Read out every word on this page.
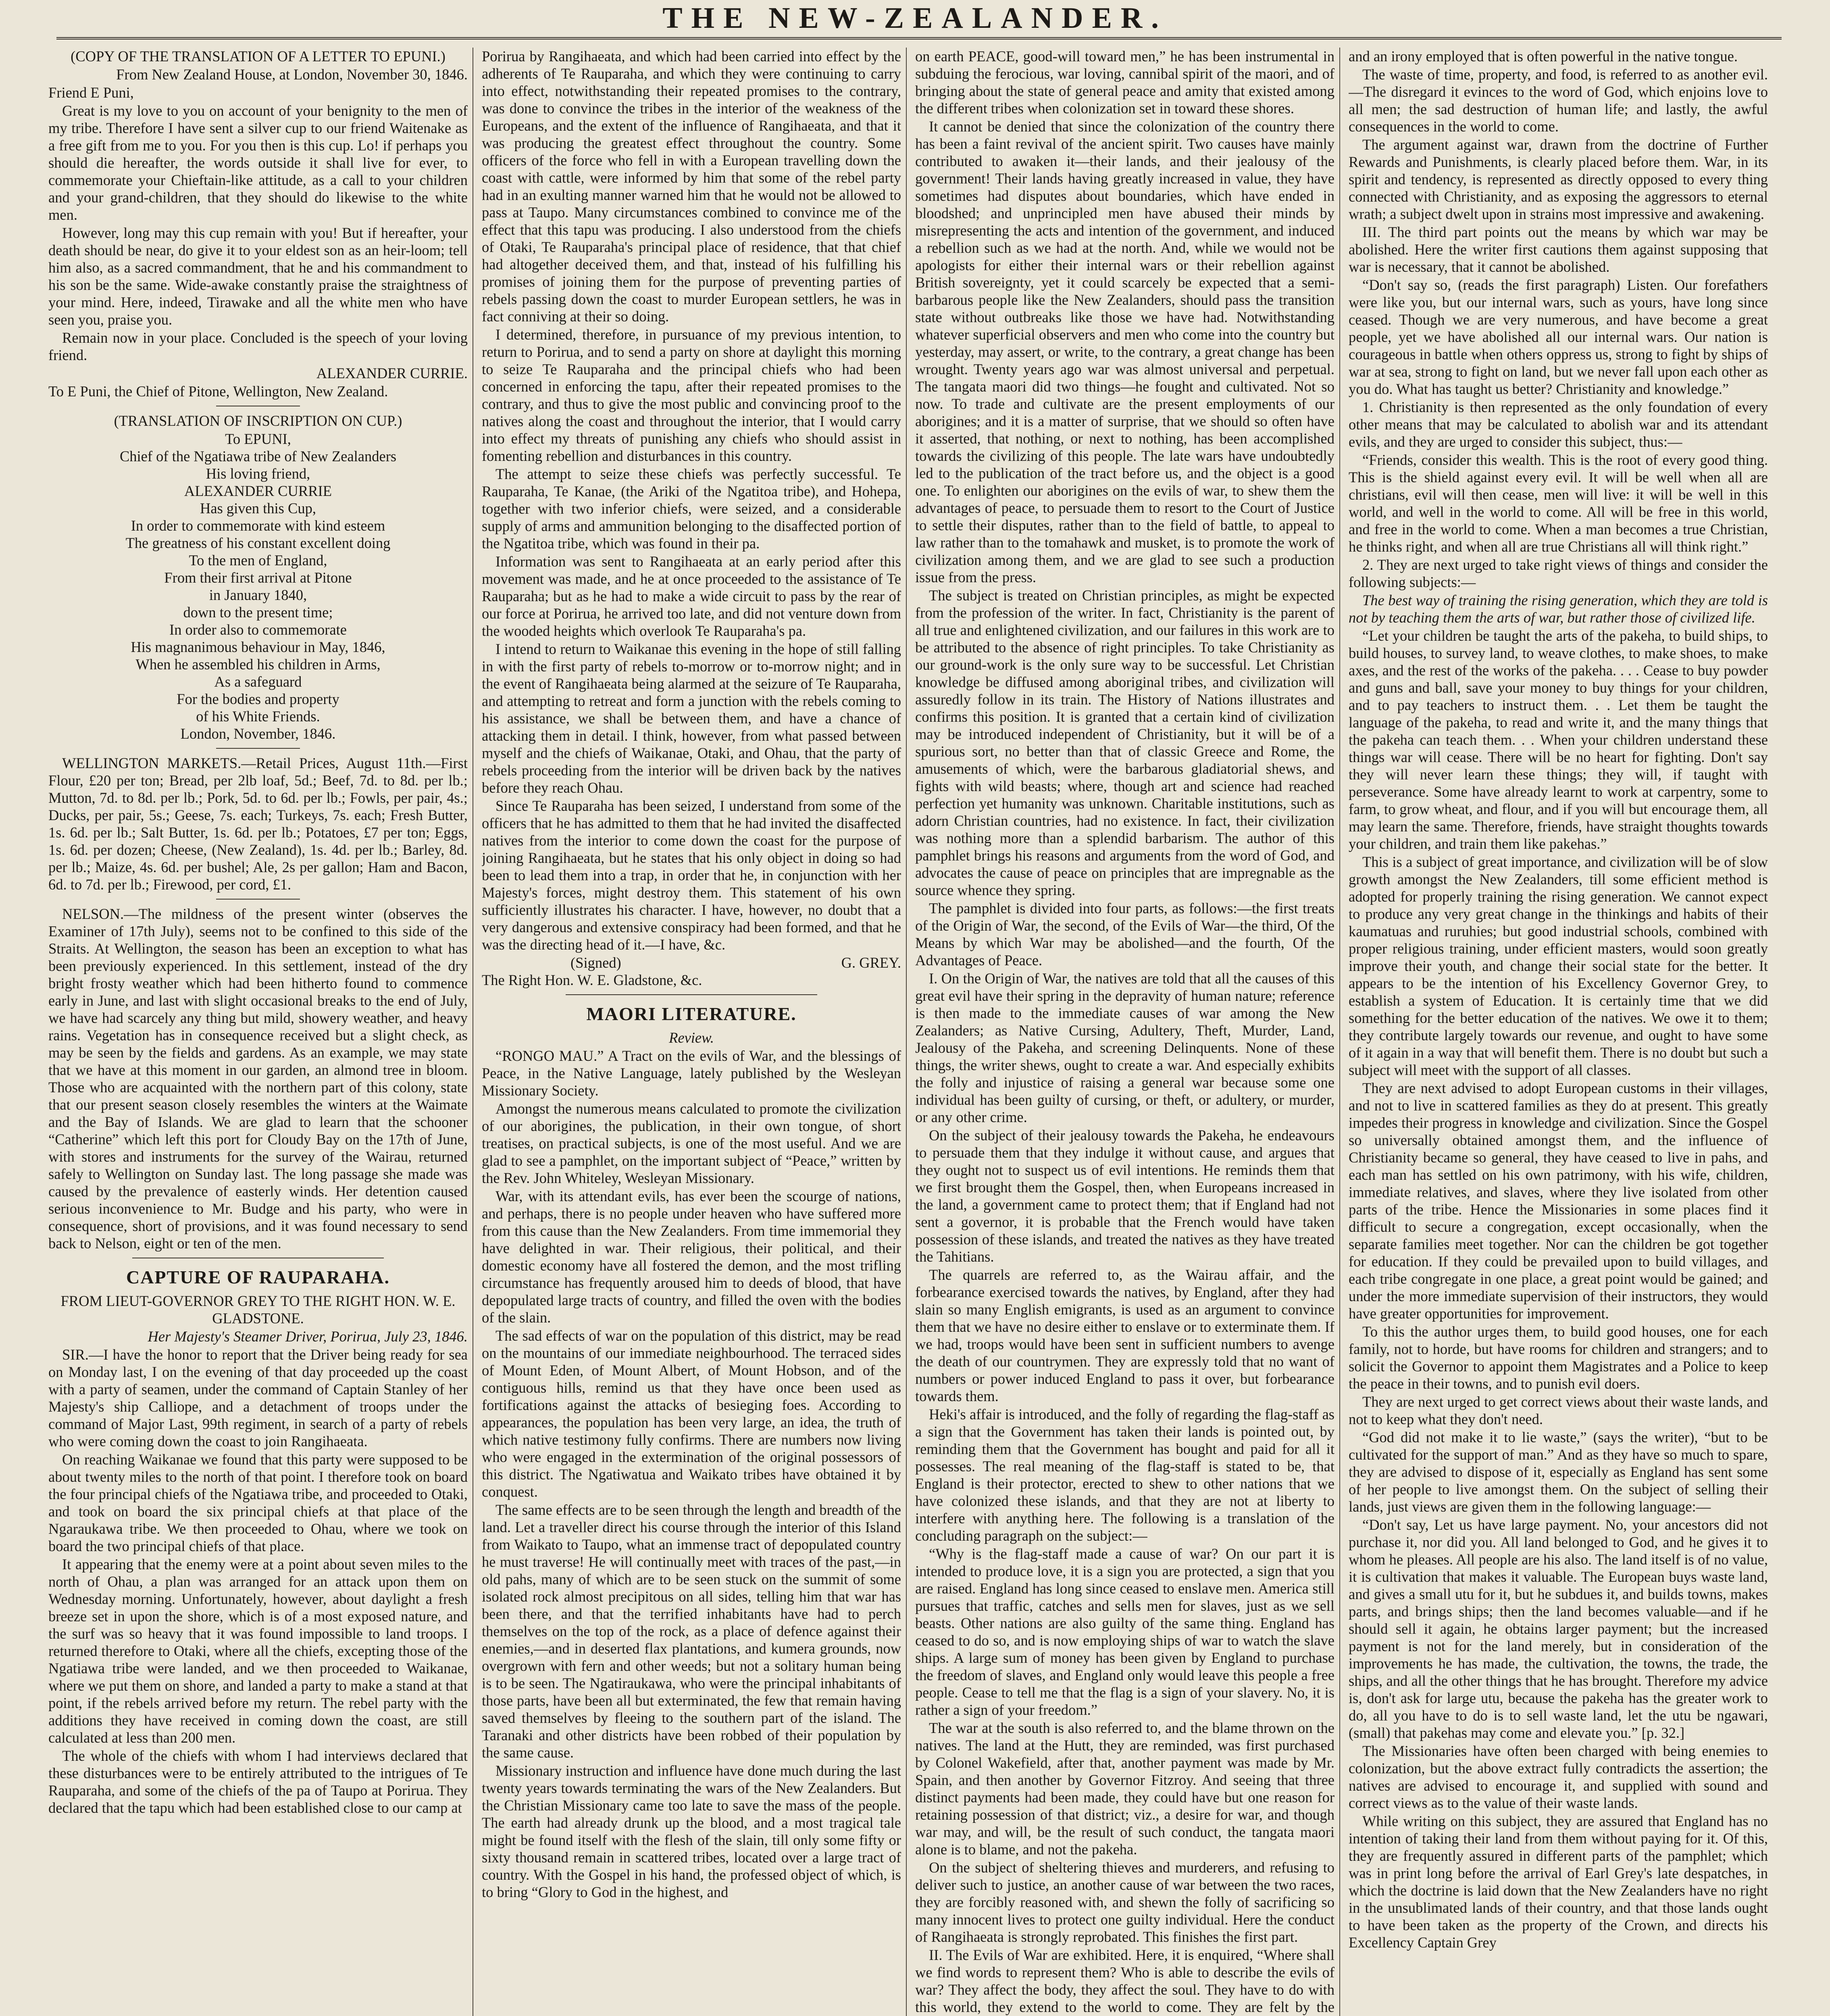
THE NEW-ZEALANDER.

(COPY OF THE TRANSLATION OF A LETTER TO EPUNI.)

From New Zealand House, at London, November 30, 1846.

Friend E Puni,

Great is my love to you on account of your benignity to the men of my tribe. Therefore I have sent a silver cup to our friend Waitenake as a free gift from me to you. For you then is this cup. Lo! if perhaps you should die hereafter, the words outside it shall live for ever, to commemorate your Chieftain-like attitude, as a call to your children and your grand-children, that they should do likewise to the white men.

However, long may this cup remain with you! But if hereafter, your death should be near, do give it to your eldest son as an heir-loom; tell him also, as a sacred commandment, that he and his commandment to his son be the same. Wide-awake constantly praise the straightness of your mind. Here, indeed, Tirawake and all the white men who have seen you, praise you.

Remain now in your place. Concluded is the speech of your loving friend.

ALEXANDER CURRIE.

To E Puni, the Chief of Pitone, Wellington, New Zealand.

(TRANSLATION OF INSCRIPTION ON CUP.)

To EPUNI,
Chief of the Ngatiawa tribe of New Zealanders
His loving friend,
ALEXANDER CURRIE
Has given this Cup,
In order to commemorate with kind esteem
The greatness of his constant excellent doing
To the men of England,
From their first arrival at Pitone
in January 1840,
down to the present time;
In order also to commemorate
His magnanimous behaviour in May, 1846,
When he assembled his children in Arms,
As a safeguard
For the bodies and property
of his White Friends.
London, November, 1846.

WELLINGTON MARKETS.—Retail Prices, August 11th.—First Flour, £20 per ton; Bread, per 2lb loaf, 5d.; Beef, 7d. to 8d. per lb.; Mutton, 7d. to 8d. per lb.; Pork, 5d. to 6d. per lb.; Fowls, per pair, 4s.; Ducks, per pair, 5s.; Geese, 7s. each; Turkeys, 7s. each; Fresh Butter, 1s. 6d. per lb.; Salt Butter, 1s. 6d. per lb.; Potatoes, £7 per ton; Eggs, 1s. 6d. per dozen; Cheese, (New Zealand), 1s. 4d. per lb.; Barley, 8d. per lb.; Maize, 4s. 6d. per bushel; Ale, 2s per gallon; Ham and Bacon, 6d. to 7d. per lb.; Firewood, per cord, £1.

NELSON.—The mildness of the present winter (observes the Examiner of 17th July), seems not to be confined to this side of the Straits. At Wellington, the season has been an exception to what has been previously experienced. In this settlement, instead of the dry bright frosty weather which had been hitherto found to commence early in June, and last with slight occasional breaks to the end of July, we have had scarcely any thing but mild, showery weather, and heavy rains. Vegetation has in consequence received but a slight check, as may be seen by the fields and gardens. As an example, we may state that we have at this moment in our garden, an almond tree in bloom. Those who are acquainted with the northern part of this colony, state that our present season closely resembles the winters at the Waimate and the Bay of Islands. We are glad to learn that the schooner “Catherine” which left this port for Cloudy Bay on the 17th of June, with stores and instruments for the survey of the Wairau, returned safely to Wellington on Sunday last. The long passage she made was caused by the prevalence of easterly winds. Her detention caused serious inconvenience to Mr. Budge and his party, who were in consequence, short of provisions, and it was found necessary to send back to Nelson, eight or ten of the men.

CAPTURE OF RAUPARAHA.

FROM LIEUT-GOVERNOR GREY TO THE RIGHT HON. W. E. GLADSTONE.

Her Majesty's Steamer Driver, Porirua, July 23, 1846.

SIR.—I have the honor to report that the Driver being ready for sea on Monday last, I on the evening of that day proceeded up the coast with a party of seamen, under the command of Captain Stanley of her Majesty's ship Calliope, and a detachment of troops under the command of Major Last, 99th regiment, in search of a party of rebels who were coming down the coast to join Rangihaeata.

On reaching Waikanae we found that this party were supposed to be about twenty miles to the north of that point. I therefore took on board the four principal chiefs of the Ngatiawa tribe, and proceeded to Otaki, and took on board the six principal chiefs at that place of the Ngaraukawa tribe. We then proceeded to Ohau, where we took on board the two principal chiefs of that place.

It appearing that the enemy were at a point about seven miles to the north of Ohau, a plan was arranged for an attack upon them on Wednesday morning. Unfortunately, however, about daylight a fresh breeze set in upon the shore, which is of a most exposed nature, and the surf was so heavy that it was found impossible to land troops. I returned therefore to Otaki, where all the chiefs, excepting those of the Ngatiawa tribe were landed, and we then proceeded to Waikanae, where we put them on shore, and landed a party to make a stand at that point, if the rebels arrived before my return. The rebel party with the additions they have received in coming down the coast, are still calculated at less than 200 men.

The whole of the chiefs with whom I had interviews declared that these disturbances were to be entirely attributed to the intrigues of Te Rauparaha, and some of the chiefs of the pa of Taupo at Porirua. They declared that the tapu which had been established close to our camp at

Porirua by Rangihaeata, and which had been carried into effect by the adherents of Te Rauparaha, and which they were continuing to carry into effect, notwithstanding their repeated promises to the contrary, was done to convince the tribes in the interior of the weakness of the Europeans, and the extent of the influence of Rangihaeata, and that it was producing the greatest effect throughout the country. Some officers of the force who fell in with a European travelling down the coast with cattle, were informed by him that some of the rebel party had in an exulting manner warned him that he would not be allowed to pass at Taupo. Many circumstances combined to convince me of the effect that this tapu was producing. I also understood from the chiefs of Otaki, Te Rauparaha's principal place of residence, that that chief had altogether deceived them, and that, instead of his fulfilling his promises of joining them for the purpose of preventing parties of rebels passing down the coast to murder European settlers, he was in fact conniving at their so doing.

I determined, therefore, in pursuance of my previous intention, to return to Porirua, and to send a party on shore at daylight this morning to seize Te Rauparaha and the principal chiefs who had been concerned in enforcing the tapu, after their repeated promises to the contrary, and thus to give the most public and convincing proof to the natives along the coast and throughout the interior, that I would carry into effect my threats of punishing any chiefs who should assist in fomenting rebellion and disturbances in this country.

The attempt to seize these chiefs was perfectly successful. Te Rauparaha, Te Kanae, (the Ariki of the Ngatitoa tribe), and Hohepa, together with two inferior chiefs, were seized, and a considerable supply of arms and ammunition belonging to the disaffected portion of the Ngatitoa tribe, which was found in their pa.

Information was sent to Rangihaeata at an early period after this movement was made, and he at once proceeded to the assistance of Te Rauparaha; but as he had to make a wide circuit to pass by the rear of our force at Porirua, he arrived too late, and did not venture down from the wooded heights which overlook Te Rauparaha's pa.

I intend to return to Waikanae this evening in the hope of still falling in with the first party of rebels to-morrow or to-morrow night; and in the event of Rangihaeata being alarmed at the seizure of Te Rauparaha, and attempting to retreat and form a junction with the rebels coming to his assistance, we shall be between them, and have a chance of attacking them in detail. I think, however, from what passed between myself and the chiefs of Waikanae, Otaki, and Ohau, that the party of rebels proceeding from the interior will be driven back by the natives before they reach Ohau.

Since Te Rauparaha has been seized, I understand from some of the officers that he has admitted to them that he had invited the disaffected natives from the interior to come down the coast for the purpose of joining Rangihaeata, but he states that his only object in doing so had been to lead them into a trap, in order that he, in conjunction with her Majesty's forces, might destroy them. This statement of his own sufficiently illustrates his character. I have, however, no doubt that a very dangerous and extensive conspiracy had been formed, and that he was the directing head of it.—I have, &c.

(Signed)	G. GREY.

The Right Hon. W. E. Gladstone, &c.

MAORI LITERATURE.

Review.

“RONGO MAU.” A Tract on the evils of War, and the blessings of Peace, in the Native Language, lately published by the Wesleyan Missionary Society.

Amongst the numerous means calculated to promote the civilization of our aborigines, the publication, in their own tongue, of short treatises, on practical subjects, is one of the most useful. And we are glad to see a pamphlet, on the important subject of “Peace,” written by the Rev. John Whiteley, Wesleyan Missionary.

War, with its attendant evils, has ever been the scourge of nations, and perhaps, there is no people under heaven who have suffered more from this cause than the New Zealanders. From time immemorial they have delighted in war. Their religious, their political, and their domestic economy have all fostered the demon, and the most trifling circumstance has frequently aroused him to deeds of blood, that have depopulated large tracts of country, and filled the oven with the bodies of the slain.

The sad effects of war on the population of this district, may be read on the mountains of our immediate neighbourhood. The terraced sides of Mount Eden, of Mount Albert, of Mount Hobson, and of the contiguous hills, remind us that they have once been used as fortifications against the attacks of besieging foes. According to appearances, the population has been very large, an idea, the truth of which native testimony fully confirms. There are numbers now living who were engaged in the extermination of the original possessors of this district. The Ngatiwatua and Waikato tribes have obtained it by conquest.

The same effects are to be seen through the length and breadth of the land. Let a traveller direct his course through the interior of this Island from Waikato to Taupo, what an immense tract of depopulated country he must traverse! He will continually meet with traces of the past,—in old pahs, many of which are to be seen stuck on the summit of some isolated rock almost precipitous on all sides, telling him that war has been there, and that the terrified inhabitants have had to perch themselves on the top of the rock, as a place of defence against their enemies,—and in deserted flax plantations, and kumera grounds, now overgrown with fern and other weeds; but not a solitary human being is to be seen. The Ngatiraukawa, who were the principal inhabitants of those parts, have been all but exterminated, the few that remain having saved themselves by fleeing to the southern part of the island. The Taranaki and other districts have been robbed of their population by the same cause.

Missionary instruction and influence have done much during the last twenty years towards terminating the wars of the New Zealanders. But the Christian Missionary came too late to save the mass of the people. The earth had already drunk up the blood, and a most tragical tale might be found itself with the flesh of the slain, till only some fifty or sixty thousand remain in scattered tribes, located over a large tract of country. With the Gospel in his hand, the professed object of which, is to bring “Glory to God in the highest, and

on earth PEACE, good-will toward men,” he has been instrumental in subduing the ferocious, war loving, cannibal spirit of the maori, and of bringing about the state of general peace and amity that existed among the different tribes when colonization set in toward these shores.

It cannot be denied that since the colonization of the country there has been a faint revival of the ancient spirit. Two causes have mainly contributed to awaken it—their lands, and their jealousy of the government! Their lands having greatly increased in value, they have sometimes had disputes about boundaries, which have ended in bloodshed; and unprincipled men have abused their minds by misrepresenting the acts and intention of the government, and induced a rebellion such as we had at the north. And, while we would not be apologists for either their internal wars or their rebellion against British sovereignty, yet it could scarcely be expected that a semi-barbarous people like the New Zealanders, should pass the transition state without outbreaks like those we have had. Notwithstanding whatever superficial observers and men who come into the country but yesterday, may assert, or write, to the contrary, a great change has been wrought. Twenty years ago war was almost universal and perpetual. The tangata maori did two things—he fought and cultivated. Not so now. To trade and cultivate are the present employments of our aborigines; and it is a matter of surprise, that we should so often have it asserted, that nothing, or next to nothing, has been accomplished towards the civilizing of this people. The late wars have undoubtedly led to the publication of the tract before us, and the object is a good one. To enlighten our aborigines on the evils of war, to shew them the advantages of peace, to persuade them to resort to the Court of Justice to settle their disputes, rather than to the field of battle, to appeal to law rather than to the tomahawk and musket, is to promote the work of civilization among them, and we are glad to see such a production issue from the press.

The subject is treated on Christian principles, as might be expected from the profession of the writer. In fact, Christianity is the parent of all true and enlightened civilization, and our failures in this work are to be attributed to the absence of right principles. To take Christianity as our ground-work is the only sure way to be successful. Let Christian knowledge be diffused among aboriginal tribes, and civilization will assuredly follow in its train. The History of Nations illustrates and confirms this position. It is granted that a certain kind of civilization may be introduced independent of Christianity, but it will be of a spurious sort, no better than that of classic Greece and Rome, the amusements of which, were the barbarous gladiatorial shews, and fights with wild beasts; where, though art and science had reached perfection yet humanity was unknown. Charitable institutions, such as adorn Christian countries, had no existence. In fact, their civilization was nothing more than a splendid barbarism. The author of this pamphlet brings his reasons and arguments from the word of God, and advocates the cause of peace on principles that are impregnable as the source whence they spring.

The pamphlet is divided into four parts, as follows:—the first treats of the Origin of War, the second, of the Evils of War—the third, Of the Means by which War may be abolished—and the fourth, Of the Advantages of Peace.

I. On the Origin of War, the natives are told that all the causes of this great evil have their spring in the depravity of human nature; reference is then made to the immediate causes of war among the New Zealanders; as Native Cursing, Adultery, Theft, Murder, Land, Jealousy of the Pakeha, and screening Delinquents. None of these things, the writer shews, ought to create a war. And especially exhibits the folly and injustice of raising a general war because some one individual has been guilty of cursing, or theft, or adultery, or murder, or any other crime.

On the subject of their jealousy towards the Pakeha, he endeavours to persuade them that they indulge it without cause, and argues that they ought not to suspect us of evil intentions. He reminds them that we first brought them the Gospel, then, when Europeans increased in the land, a government came to protect them; that if England had not sent a governor, it is probable that the French would have taken possession of these islands, and treated the natives as they have treated the Tahitians.

The quarrels are referred to, as the Wairau affair, and the forbearance exercised towards the natives, by England, after they had slain so many English emigrants, is used as an argument to convince them that we have no desire either to enslave or to exterminate them. If we had, troops would have been sent in sufficient numbers to avenge the death of our countrymen. They are expressly told that no want of numbers or power induced England to pass it over, but forbearance towards them.

Heki's affair is introduced, and the folly of regarding the flag-staff as a sign that the Government has taken their lands is pointed out, by reminding them that the Government has bought and paid for all it possesses. The real meaning of the flag-staff is stated to be, that England is their protector, erected to shew to other nations that we have colonized these islands, and that they are not at liberty to interfere with anything here. The following is a translation of the concluding paragraph on the subject:—

“Why is the flag-staff made a cause of war? On our part it is intended to produce love, it is a sign you are protected, a sign that you are raised. England has long since ceased to enslave men. America still pursues that traffic, catches and sells men for slaves, just as we sell beasts. Other nations are also guilty of the same thing. England has ceased to do so, and is now employing ships of war to watch the slave ships. A large sum of money has been given by England to purchase the freedom of slaves, and England only would leave this people a free people. Cease to tell me that the flag is a sign of your slavery. No, it is rather a sign of your freedom.”

The war at the south is also referred to, and the blame thrown on the natives. The land at the Hutt, they are reminded, was first purchased by Colonel Wakefield, after that, another payment was made by Mr. Spain, and then another by Governor Fitzroy. And seeing that three distinct payments had been made, they could have but one reason for retaining possession of that district; viz., a desire for war, and though war may, and will, be the result of such conduct, the tangata maori alone is to blame, and not the pakeha.

On the subject of sheltering thieves and murderers, and refusing to deliver such to justice, an another cause of war between the two races, they are forcibly reasoned with, and shewn the folly of sacrificing so many innocent lives to protect one guilty individual. Here the conduct of Rangihaeata is strongly reprobated. This finishes the first part.

II. The Evils of War are exhibited. Here, it is enquired, “Where shall we find words to represent them? Who is able to describe the evils of war? They affect the body, they affect the soul. They have to do with this world, they extend to the world to come. They are felt by the

and an irony employed that is often powerful in the native tongue.

The waste of time, property, and food, is referred to as another evil.—The disregard it evinces to the word of God, which enjoins love to all men; the sad destruction of human life; and lastly, the awful consequences in the world to come.

The argument against war, drawn from the doctrine of Further Rewards and Punishments, is clearly placed before them. War, in its spirit and tendency, is represented as directly opposed to every thing connected with Christianity, and as exposing the aggressors to eternal wrath; a subject dwelt upon in strains most impressive and awakening.

III. The third part points out the means by which war may be abolished. Here the writer first cautions them against supposing that war is necessary, that it cannot be abolished.

“Don't say so, (reads the first paragraph) Listen. Our forefathers were like you, but our internal wars, such as yours, have long since ceased. Though we are very numerous, and have become a great people, yet we have abolished all our internal wars. Our nation is courageous in battle when others oppress us, strong to fight by ships of war at sea, strong to fight on land, but we never fall upon each other as you do. What has taught us better? Christianity and knowledge.”

1. Christianity is then represented as the only foundation of every other means that may be calculated to abolish war and its attendant evils, and they are urged to consider this subject, thus:—

“Friends, consider this wealth. This is the root of every good thing. This is the shield against every evil. It will be well when all are christians, evil will then cease, men will live: it will be well in this world, and well in the world to come. All will be free in this world, and free in the world to come. When a man becomes a true Christian, he thinks right, and when all are true Christians all will think right.”

2. They are next urged to take right views of things and consider the following subjects:—

The best way of training the rising generation, which they are told is not by teaching them the arts of war, but rather those of civilized life.

“Let your children be taught the arts of the pakeha, to build ships, to build houses, to survey land, to weave clothes, to make shoes, to make axes, and the rest of the works of the pakeha. . . . Cease to buy powder and guns and ball, save your money to buy things for your children, and to pay teachers to instruct them. . . Let them be taught the language of the pakeha, to read and write it, and the many things that the pakeha can teach them. . . When your children understand these things war will cease. There will be no heart for fighting. Don't say they will never learn these things; they will, if taught with perseverance. Some have already learnt to work at carpentry, some to farm, to grow wheat, and flour, and if you will but encourage them, all may learn the same. Therefore, friends, have straight thoughts towards your children, and train them like pakehas.”

This is a subject of great importance, and civilization will be of slow growth amongst the New Zealanders, till some efficient method is adopted for properly training the rising generation. We cannot expect to produce any very great change in the thinkings and habits of their kaumatuas and ruruhies; but good industrial schools, combined with proper religious training, under efficient masters, would soon greatly improve their youth, and change their social state for the better. It appears to be the intention of his Excellency Governor Grey, to establish a system of Education. It is certainly time that we did something for the better education of the natives. We owe it to them; they contribute largely towards our revenue, and ought to have some of it again in a way that will benefit them. There is no doubt but such a subject will meet with the support of all classes.

They are next advised to adopt European customs in their villages, and not to live in scattered families as they do at present. This greatly impedes their progress in knowledge and civilization. Since the Gospel so universally obtained amongst them, and the influence of Christianity became so general, they have ceased to live in pahs, and each man has settled on his own patrimony, with his wife, children, immediate relatives, and slaves, where they live isolated from other parts of the tribe. Hence the Missionaries in some places find it difficult to secure a congregation, except occasionally, when the separate families meet together. Nor can the children be got together for education. If they could be prevailed upon to build villages, and each tribe congregate in one place, a great point would be gained; and under the more immediate supervision of their instructors, they would have greater opportunities for improvement.

To this the author urges them, to build good houses, one for each family, not to horde, but have rooms for children and strangers; and to solicit the Governor to appoint them Magistrates and a Police to keep the peace in their towns, and to punish evil doers.

They are next urged to get correct views about their waste lands, and not to keep what they don't need.

“God did not make it to lie waste,” (says the writer), “but to be cultivated for the support of man.” And as they have so much to spare, they are advised to dispose of it, especially as England has sent some of her people to live amongst them. On the subject of selling their lands, just views are given them in the following language:—

“Don't say, Let us have large payment. No, your ancestors did not purchase it, nor did you. All land belonged to God, and he gives it to whom he pleases. All people are his also. The land itself is of no value, it is cultivation that makes it valuable. The European buys waste land, and gives a small utu for it, but he subdues it, and builds towns, makes parts, and brings ships; then the land becomes valuable—and if he should sell it again, he obtains larger payment; but the increased payment is not for the land merely, but in consideration of the improvements he has made, the cultivation, the towns, the trade, the ships, and all the other things that he has brought. Therefore my advice is, don't ask for large utu, because the pakeha has the greater work to do, all you have to do is to sell waste land, let the utu be ngawari, (small) that pakehas may come and elevate you.” [p. 32.]

The Missionaries have often been charged with being enemies to colonization, but the above extract fully contradicts the assertion; the natives are advised to encourage it, and supplied with sound and correct views as to the value of their waste lands.

While writing on this subject, they are assured that England has no intention of taking their land from them without paying for it. Of this, they are frequently assured in different parts of the pamphlet; which was in print long before the arrival of Earl Grey's late despatches, in which the doctrine is laid down that the New Zealanders have no right in the unsublimated lands of their country, and that those lands ought to have been taken as the property of the Crown, and directs his Excellency Captain Grey
